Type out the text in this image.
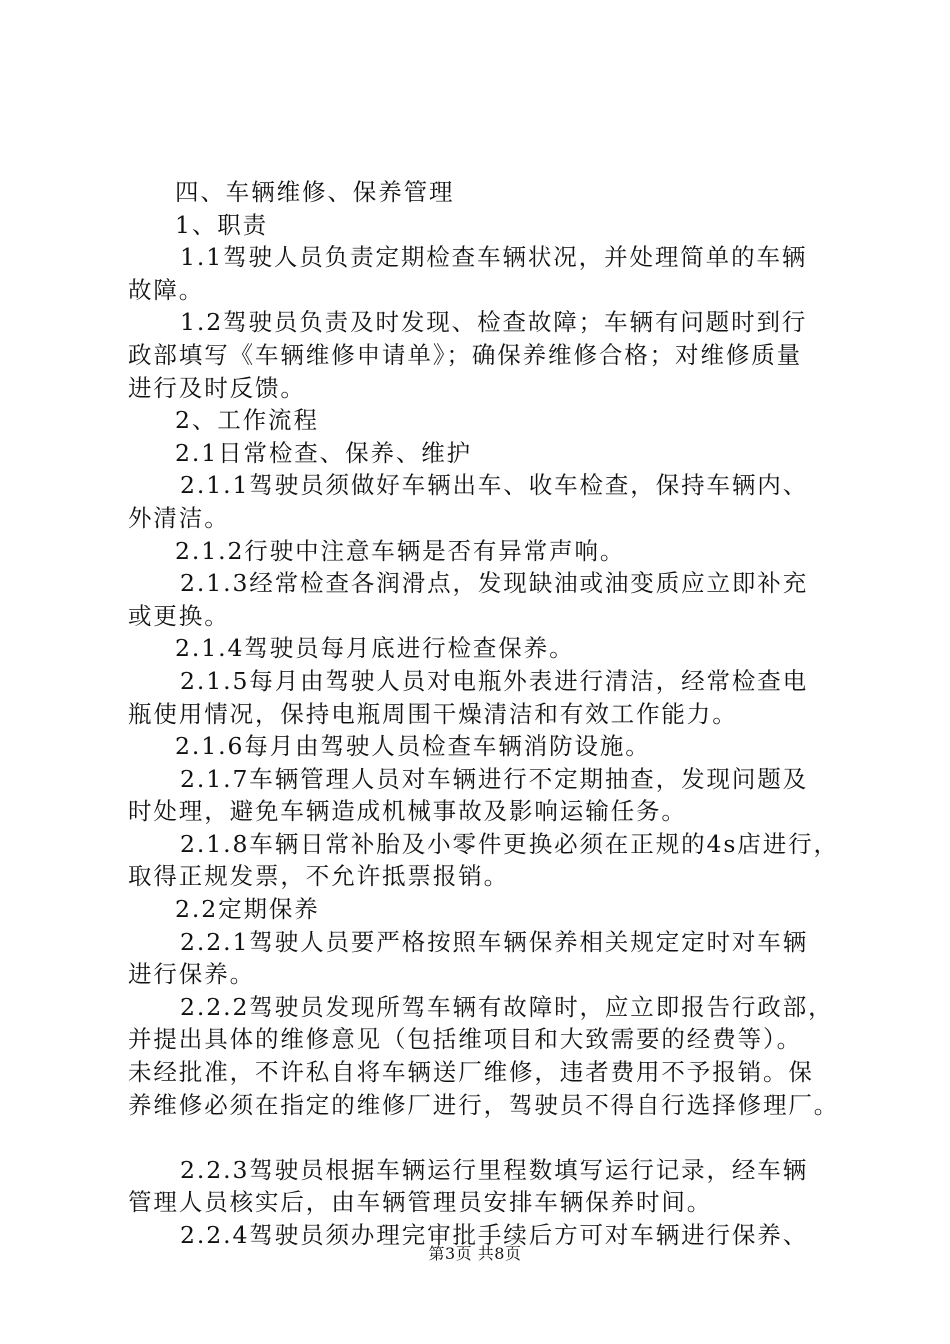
四、车辆维修、保养管理
1、职责
1.1驾驶人员负责定期检查车辆状况，并处理简单的车辆
故障。
1.2驾驶员负责及时发现、检查故障；车辆有问题时到行
政部填写《车辆维修申请单》；确保养维修合格；对维修质量
进行及时反馈。
2、工作流程
2.1日常检查、保养、维护
2.1.1驾驶员须做好车辆出车、收车检查，保持车辆内、
外清洁。
2.1.2行驶中注意车辆是否有异常声响。
2.1.3经常检查各润滑点，发现缺油或油变质应立即补充
或更换。
2.1.4驾驶员每月底进行检查保养。
2.1.5每月由驾驶人员对电瓶外表进行清洁，经常检查电
瓶使用情况，保持电瓶周围干燥清洁和有效工作能力。
2.1.6每月由驾驶人员检查车辆消防设施。
2.1.7车辆管理人员对车辆进行不定期抽查，发现问题及
时处理，避免车辆造成机械事故及影响运输任务。
2.1.8车辆日常补胎及小零件更换必须在正规的4s店进行，
取得正规发票，不允许抵票报销。
2.2定期保养
2.2.1驾驶人员要严格按照车辆保养相关规定定时对车辆
进行保养。
2.2.2驾驶员发现所驾车辆有故障时，应立即报告行政部，
并提出具体的维修意见（包括维项目和大致需要的经费等）。
未经批准，不许私自将车辆送厂维修，违者费用不予报销。保
养维修必须在指定的维修厂进行，驾驶员不得自行选择修理厂。
2.2.3驾驶员根据车辆运行里程数填写运行记录，经车辆
管理人员核实后，由车辆管理员安排车辆保养时间。
2.2.4驾驶员须办理完审批手续后方可对车辆进行保养、
第3页 共8页
